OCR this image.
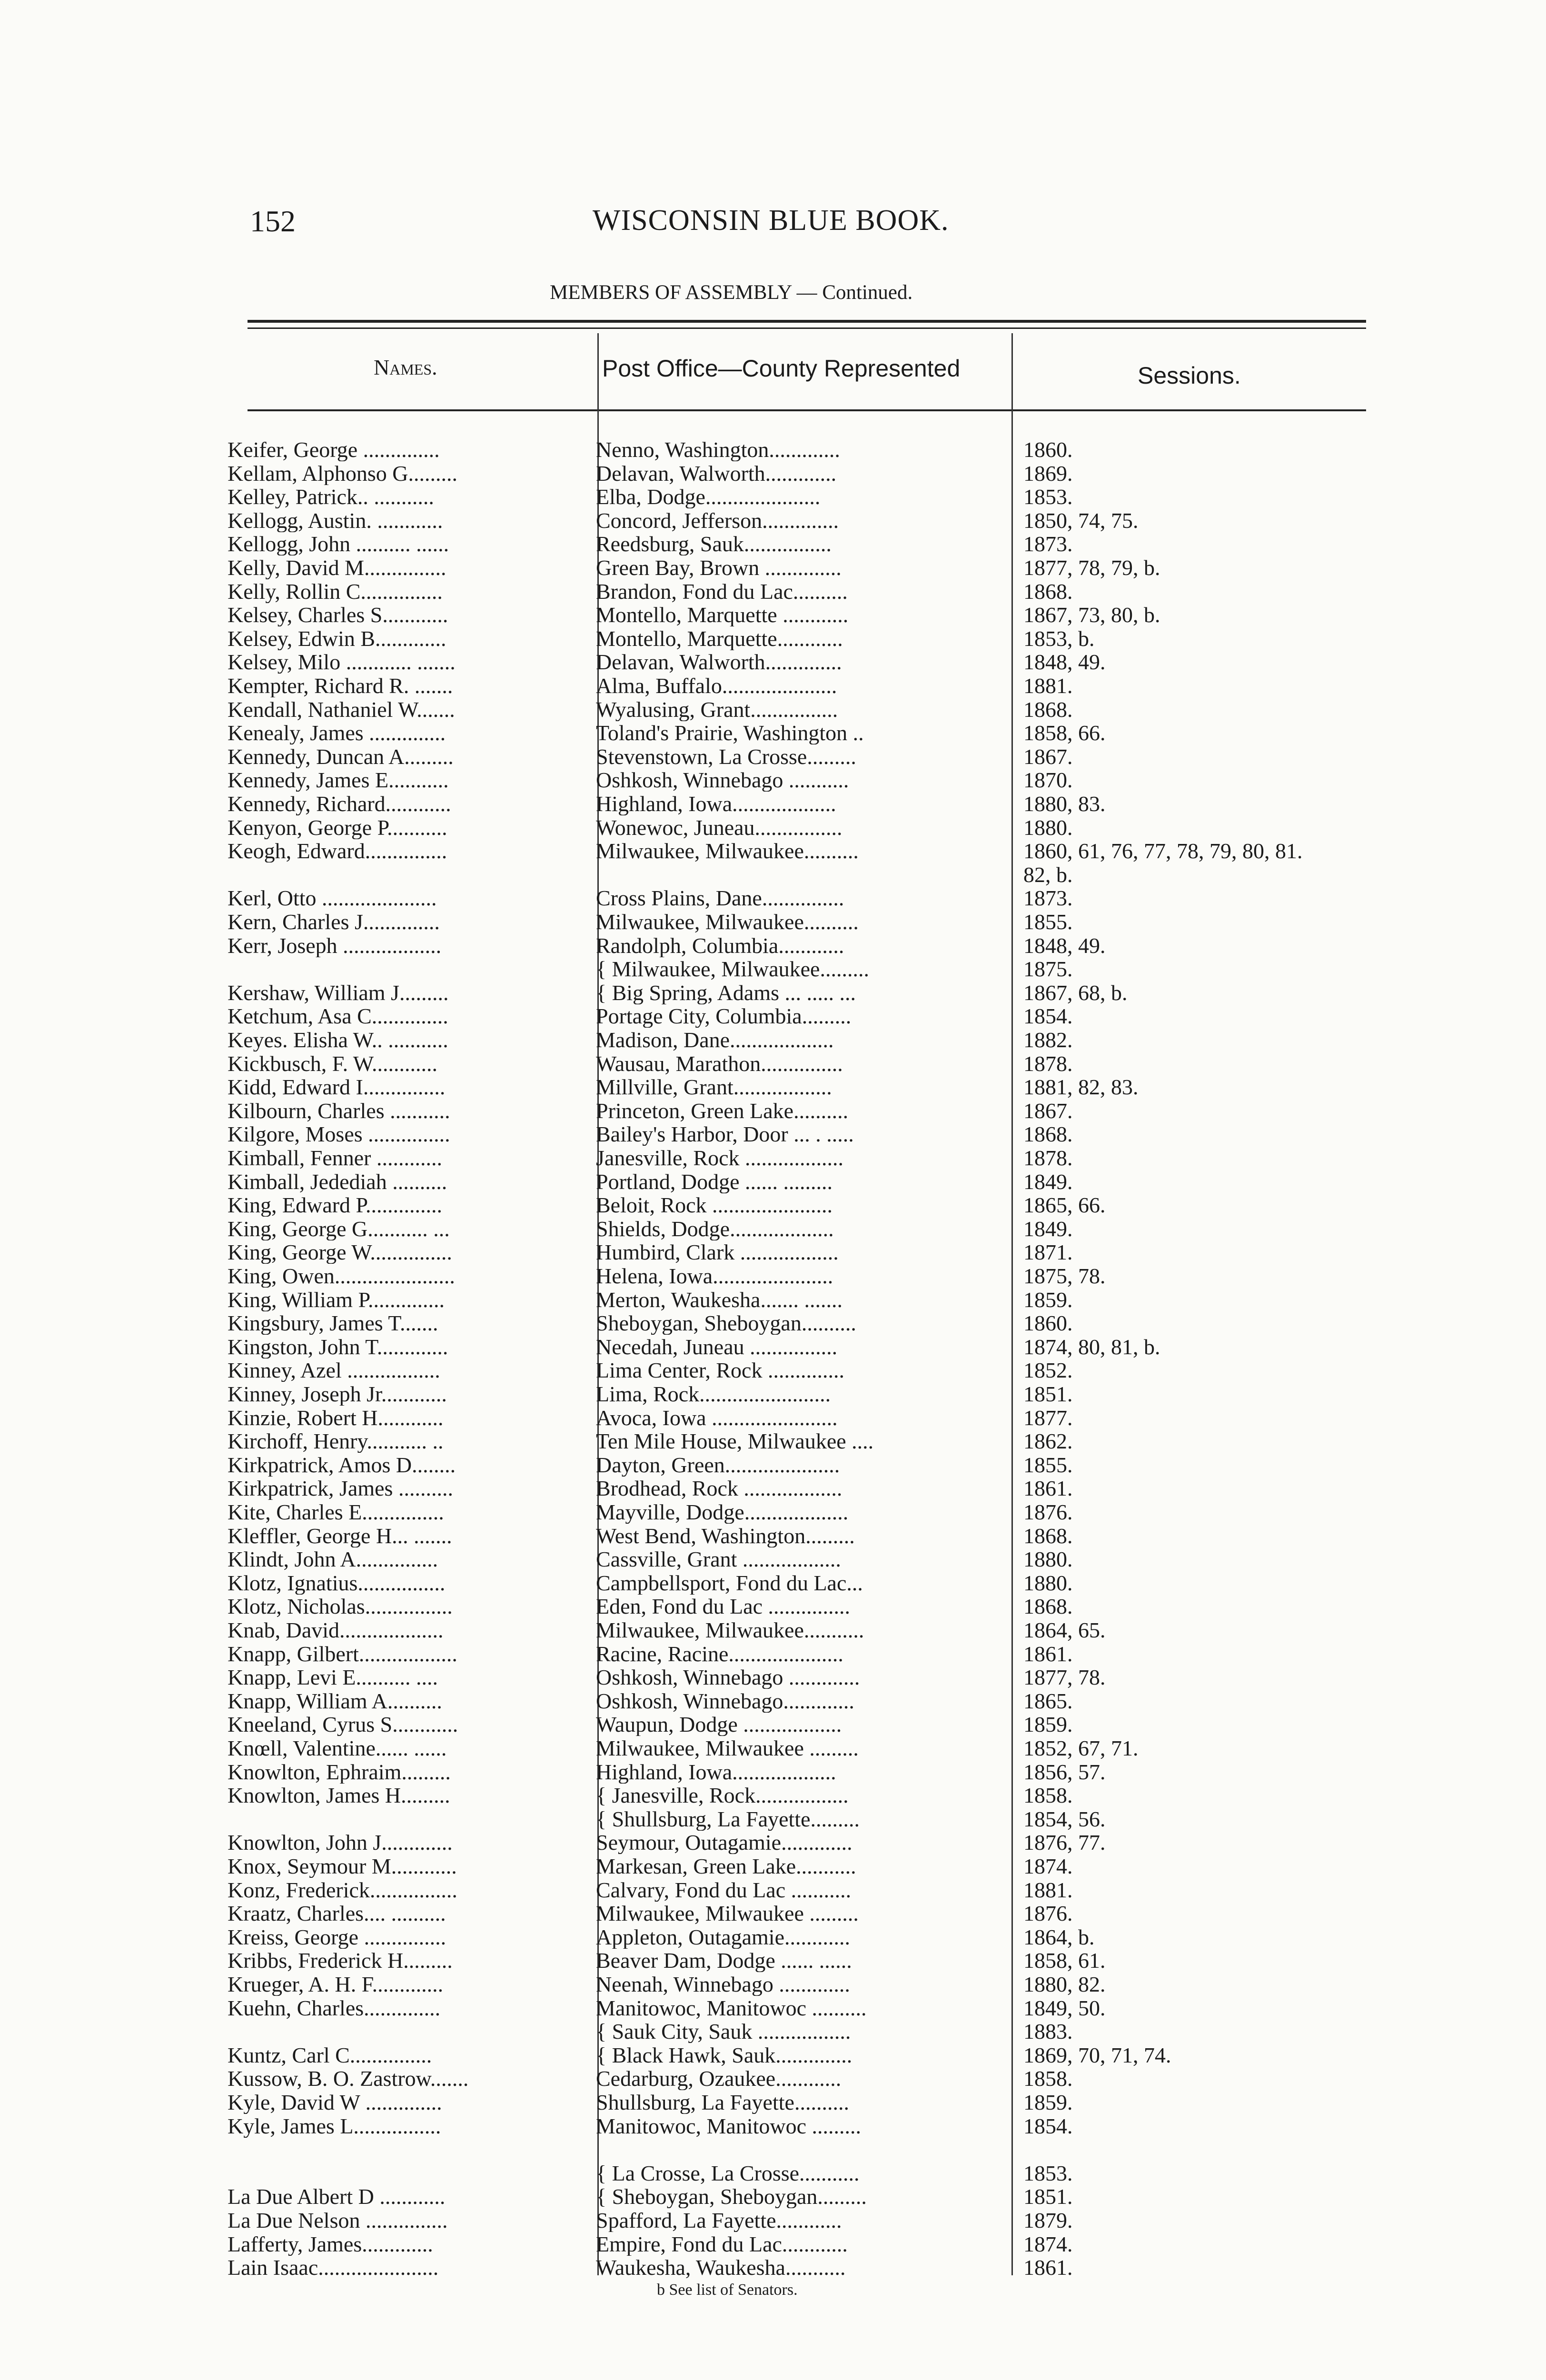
152	WISCONSIN BLUE BOOK.
MEMBERS OF ASSEMBLY — Continued.
Names.	Post Office—County Represented	Sessions.
Keifer, George ..............	Nenno, Washington.............	1860.
Kellam, Alphonso G.........	Delavan, Walworth.............	1869.
Kelley, Patrick.. ...........	Elba, Dodge.....................	1853.
Kellogg, Austin. ............	Concord, Jefferson..............	1850, 74, 75.
Kellogg, John .......... ......	Reedsburg, Sauk................	1873.
Kelly, David M...............	Green Bay, Brown ..............	1877, 78, 79, b.
Kelly, Rollin C...............	Brandon, Fond du Lac..........	1868.
Kelsey, Charles S............	Montello, Marquette ............	1867, 73, 80, b.
Kelsey, Edwin B.............	Montello, Marquette............	1853, b.
Kelsey, Milo ............ .......	Delavan, Walworth..............	1848, 49.
Kempter, Richard R. .......	Alma, Buffalo.....................	1881.
Kendall, Nathaniel W.......	Wyalusing, Grant................	1868.
Kenealy, James ..............	Toland's Prairie, Washington ..	1858, 66.
Kennedy, Duncan A.........	Stevenstown, La Crosse.........	1867.
Kennedy, James E...........	Oshkosh, Winnebago ...........	1870.
Kennedy, Richard............	Highland, Iowa...................	1880, 83.
Kenyon, George P...........	Wonewoc, Juneau................	1880.
Keogh, Edward...............	Milwaukee, Milwaukee..........	1860, 61, 76, 77, 78, 79, 80, 81.
82, b.
Kerl, Otto .....................	Cross Plains, Dane...............	1873.
Kern, Charles J..............	Milwaukee, Milwaukee..........	1855.
Kerr, Joseph ..................	Randolph, Columbia............	1848, 49.
{ Milwaukee, Milwaukee.........	1875.
Kershaw, William J.........	{ Big Spring, Adams ... ..... ...	1867, 68, b.
Ketchum, Asa C..............	Portage City, Columbia.........	1854.
Keyes. Elisha W.. ...........	Madison, Dane...................	1882.
Kickbusch, F. W............	Wausau, Marathon...............	1878.
Kidd, Edward I...............	Millville, Grant..................	1881, 82, 83.
Kilbourn, Charles ...........	Princeton, Green Lake..........	1867.
Kilgore, Moses ...............	Bailey's Harbor, Door ... . .....	1868.
Kimball, Fenner ............	Janesville, Rock ..................	1878.
Kimball, Jedediah ..........	Portland, Dodge ...... .........	1849.
King, Edward P..............	Beloit, Rock ......................	1865, 66.
King, George G........... ...	Shields, Dodge...................	1849.
King, George W...............	Humbird, Clark ..................	1871.
King, Owen......................	Helena, Iowa......................	1875, 78.
King, William P..............	Merton, Waukesha....... .......	1859.
Kingsbury, James T.......	Sheboygan, Sheboygan..........	1860.
Kingston, John T.............	Necedah, Juneau ................	1874, 80, 81, b.
Kinney, Azel .................	Lima Center, Rock ..............	1852.
Kinney, Joseph Jr............	Lima, Rock........................	1851.
Kinzie, Robert H............	Avoca, Iowa .......................	1877.
Kirchoff, Henry........... ..	Ten Mile House, Milwaukee ....	1862.
Kirkpatrick, Amos D........	Dayton, Green.....................	1855.
Kirkpatrick, James ..........	Brodhead, Rock ..................	1861.
Kite, Charles E...............	Mayville, Dodge...................	1876.
Kleffler, George H... .......	West Bend, Washington.........	1868.
Klindt, John A...............	Cassville, Grant ..................	1880.
Klotz, Ignatius................	Campbellsport, Fond du Lac...	1880.
Klotz, Nicholas................	Eden, Fond du Lac ...............	1868.
Knab, David...................	Milwaukee, Milwaukee...........	1864, 65.
Knapp, Gilbert..................	Racine, Racine.....................	1861.
Knapp, Levi E.......... ....	Oshkosh, Winnebago .............	1877, 78.
Knapp, William A..........	Oshkosh, Winnebago.............	1865.
Kneeland, Cyrus S............	Waupun, Dodge ..................	1859.
Knœll, Valentine...... ......	Milwaukee, Milwaukee .........	1852, 67, 71.
Knowlton, Ephraim.........	Highland, Iowa...................	1856, 57.
Knowlton, James H.........	{ Janesville, Rock.................	1858.
{ Shullsburg, La Fayette.........	1854, 56.
Knowlton, John J.............	Seymour, Outagamie.............	1876, 77.
Knox, Seymour M............	Markesan, Green Lake...........	1874.
Konz, Frederick................	Calvary, Fond du Lac ...........	1881.
Kraatz, Charles.... ..........	Milwaukee, Milwaukee .........	1876.
Kreiss, George ...............	Appleton, Outagamie............	1864, b.
Kribbs, Frederick H.........	Beaver Dam, Dodge ...... ......	1858, 61.
Krueger, A. H. F.............	Neenah, Winnebago .............	1880, 82.
Kuehn, Charles..............	Manitowoc, Manitowoc ..........	1849, 50.
{ Sauk City, Sauk .................	1883.
Kuntz, Carl C...............	{ Black Hawk, Sauk..............	1869, 70, 71, 74.
Kussow, B. O. Zastrow.......	Cedarburg, Ozaukee............	1858.
Kyle, David W ..............	Shullsburg, La Fayette..........	1859.
Kyle, James L................	Manitowoc, Manitowoc .........	1854.
{ La Crosse, La Crosse...........	1853.
La Due Albert D ............	{ Sheboygan, Sheboygan.........	1851.
La Due Nelson ...............	Spafford, La Fayette............	1879.
Lafferty, James.............	Empire, Fond du Lac............	1874.
Lain Isaac......................	Waukesha, Waukesha...........	1861.
b See list of Senators.
